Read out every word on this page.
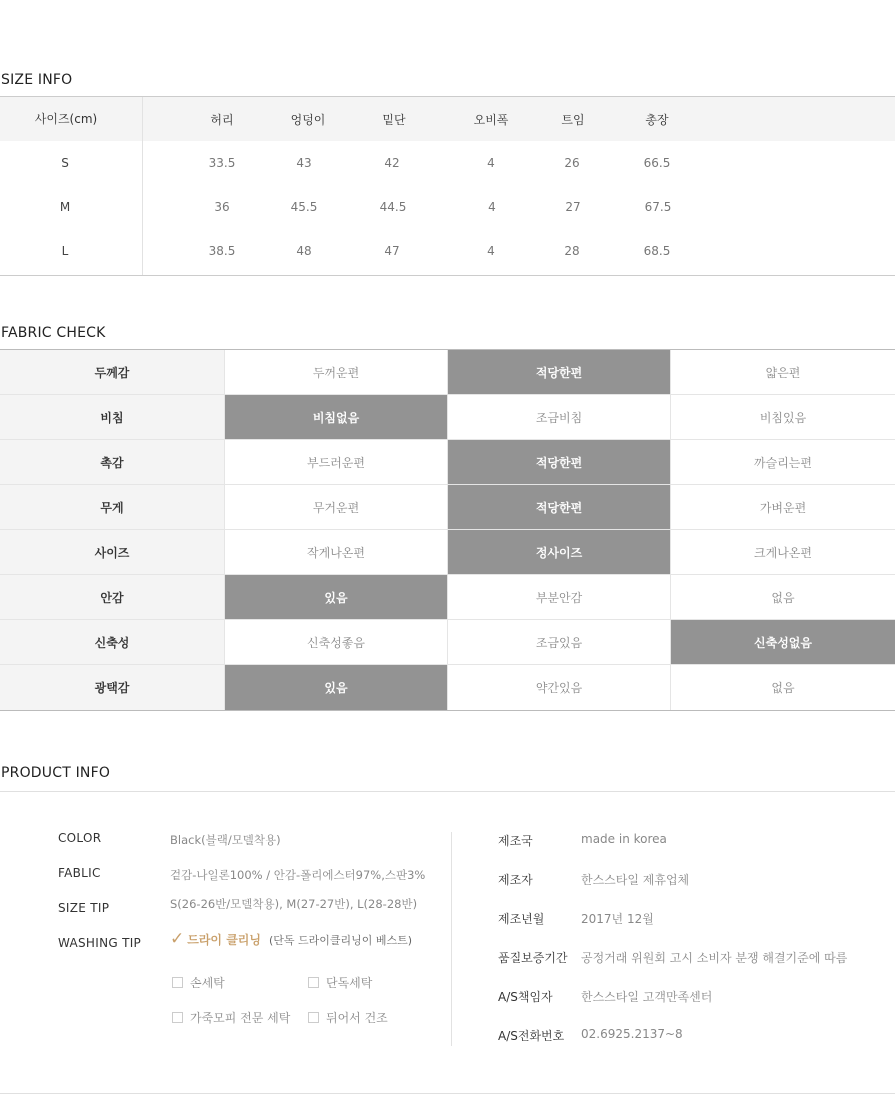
SIZE INFO
사이즈(cm)	허리	엉덩이	밑단	오비폭	트임	총장
S	33.5	43	42	4	26	66.5
M	36	45.5	44.5	4	27	67.5
L	38.5	48	47	4	28	68.5
FABRIC CHECK
두께감	두꺼운편	적당한편	얇은편
비침	비침없음	조금비침	비침있음
촉감	부드러운편	적당한편	까슬리는편
무게	무거운편	적당한편	가벼운편
사이즈	작게나온편	정사이즈	크게나온편
안감	있음	부분안감	없음
신축성	신축성좋음	조금있음	신축성없음
광택감	있음	약간있음	없음
PRODUCT INFO
COLOR	Black(블랙/모델착용)
FABLIC	겉감-나일론100% / 안감-폴리에스터97%,스판3%
SIZE TIP	S(26-26반/모델착용), M(27-27반), L(28-28반)
WASHING TIP ✓ 드라이 클리닝 (단독 드라이클리닝이 베스트)
손세탁	단독세탁
가죽모피 전문 세탁	뒤어서 건조
제조국	made in korea
제조자	한스스타일 제휴업체
제조년월	2017년 12월
품질보증기간 공정거래 위원회 고시 소비자 분쟁 해결기준에 따름
A/S책임자 한스스타일 고객만족센터
A/S전화번호 02.6925.2137~8
